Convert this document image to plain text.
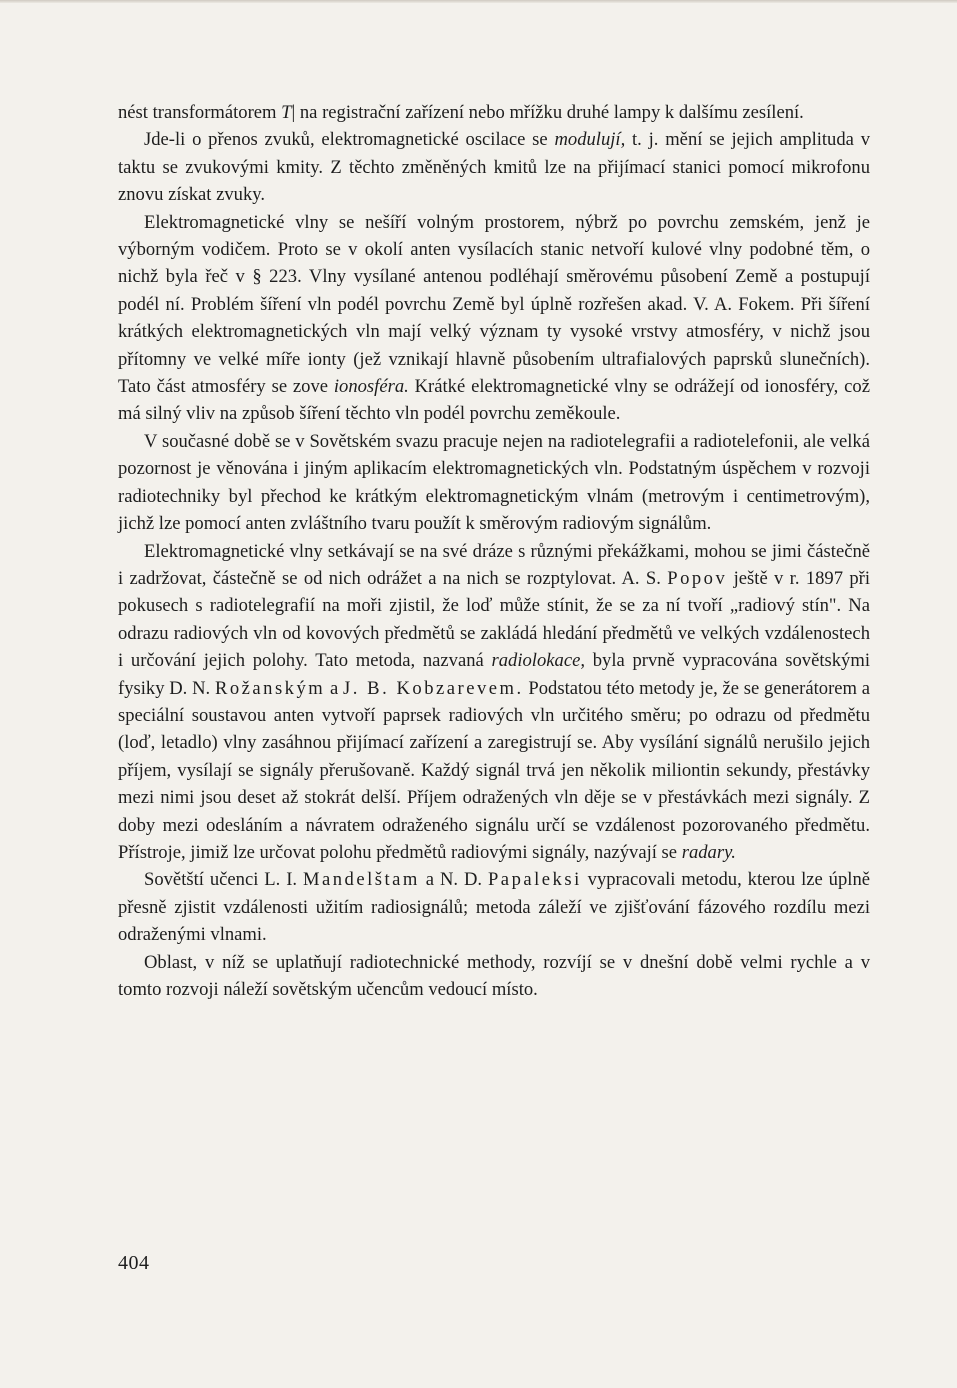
nést transformátorem T| na registrační zařízení nebo mřížku druhé lampy k dalšímu zesílení.

Jde-li o přenos zvuků, elektromagnetické oscilace se modulují, t. j. mění se jejich amplituda v taktu se zvukovými kmity. Z těchto změněných kmitů lze na přijímací stanici pomocí mikrofonu znovu získat zvuky.

Elektromagnetické vlny se nešíří volným prostorem, nýbrž po povrchu zemském, jenž je výborným vodičem. Proto se v okolí anten vysílacích stanic netvoří kulové vlny podobné těm, o nichž byla řeč v § 223. Vlny vysílané antenou podléhají směrovému působení Země a postupují podél ní. Problém šíření vln podél povrchu Země byl úplně rozřešen akad. V. A. Fokem. Při šíření krátkých elektromagnetických vln mají velký význam ty vysoké vrstvy atmosféry, v nichž jsou přítomny ve velké míře ionty (jež vznikají hlavně působením ultrafialových paprsků slunečních). Tato část atmosféry se zove ionosféra. Krátké elektromagnetické vlny se odrážejí od ionosféry, což má silný vliv na způsob šíření těchto vln podél povrchu zeměkoule.

V současné době se v Sovětském svazu pracuje nejen na radiotelegrafii a radiotelefonii, ale velká pozornost je věnována i jiným aplikacím elektromagnetických vln. Podstatným úspěchem v rozvoji radiotechniky byl přechod ke krátkým elektromagnetickým vlnám (metrovým i centimetrovým), jichž lze pomocí anten zvláštního tvaru použít k směrovým radiovým signálům.

Elektromagnetické vlny setkávají se na své dráze s různými překážkami, mohou se jimi částečně i zadržovat, částečně se od nich odrážet a na nich se rozptylovat. A. S. Popov ještě v r. 1897 při pokusech s radiotelegrafií na moři zjistil, že loď může stínit, že se za ní tvoří „radiový stín". Na odrazu radiových vln od kovových předmětů se zakládá hledání předmětů ve velkých vzdálenostech i určování jejich polohy. Tato metoda, nazvaná radiolokace, byla prvně vypracována sovětskými fysiky D. N. Rožanským a J. B. Kobzarevem. Podstatou této metody je, že se generátorem a speciální soustavou anten vytvoří paprsek radiových vln určitého směru; po odrazu od předmětu (loď, letadlo) vlny zasáhnou přijímací zařízení a zaregistrují se. Aby vysílání signálů nerušilo jejich příjem, vysílají se signály přerušovaně. Každý signál trvá jen několik miliontin sekundy, přestávky mezi nimi jsou deset až stokrát delší. Příjem odražených vln děje se v přestávkách mezi signály. Z doby mezi odesláním a návratem odraženého signálu určí se vzdálenost pozorovaného předmětu. Přístroje, jimiž lze určovat polohu předmětů radiovými signály, nazývají se radary.

Sovětští učenci L. I. Mandelštam a N. D. Papaleksi vypracovali metodu, kterou lze úplně přesně zjistit vzdálenosti užitím radiosignálů; metoda záleží ve zjišťování fázového rozdílu mezi odraženými vlnami.

Oblast, v níž se uplatňují radiotechnické methody, rozvíjí se v dnešní době velmi rychle a v tomto rozvoji náleží sovětským učencům vedoucí místo.

404
